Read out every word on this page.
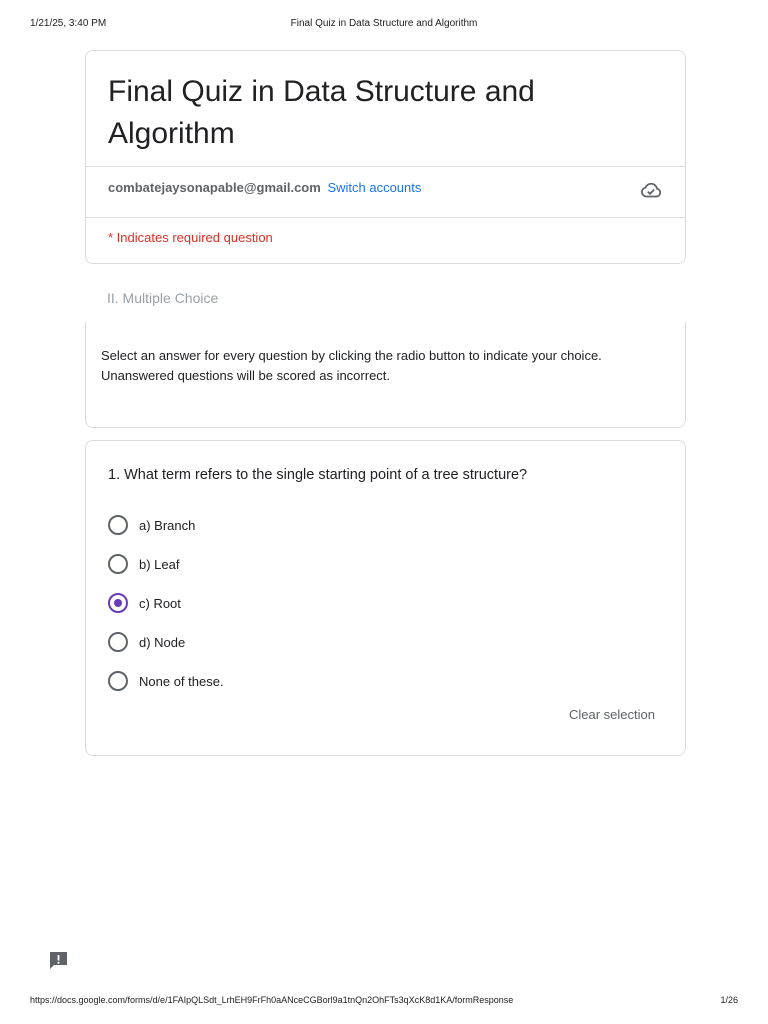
1/21/25, 3:40 PM	Final Quiz in Data Structure and Algorithm
Final Quiz in Data Structure and Algorithm
combatejaysonapable@gmail.com Switch accounts
* Indicates required question
II. Multiple Choice
Select an answer for every question by clicking the radio button to indicate your choice. Unanswered questions will be scored as incorrect.
1. What term refers to the single starting point of a tree structure?
a) Branch
b) Leaf
c) Root
d) Node
None of these.
Clear selection
https://docs.google.com/forms/d/e/1FAIpQLSdt_LrhEH9FrFh0aANceCGBorl9a1tnQn2OhFTs3qXcK8d1KA/formResponse	1/26
